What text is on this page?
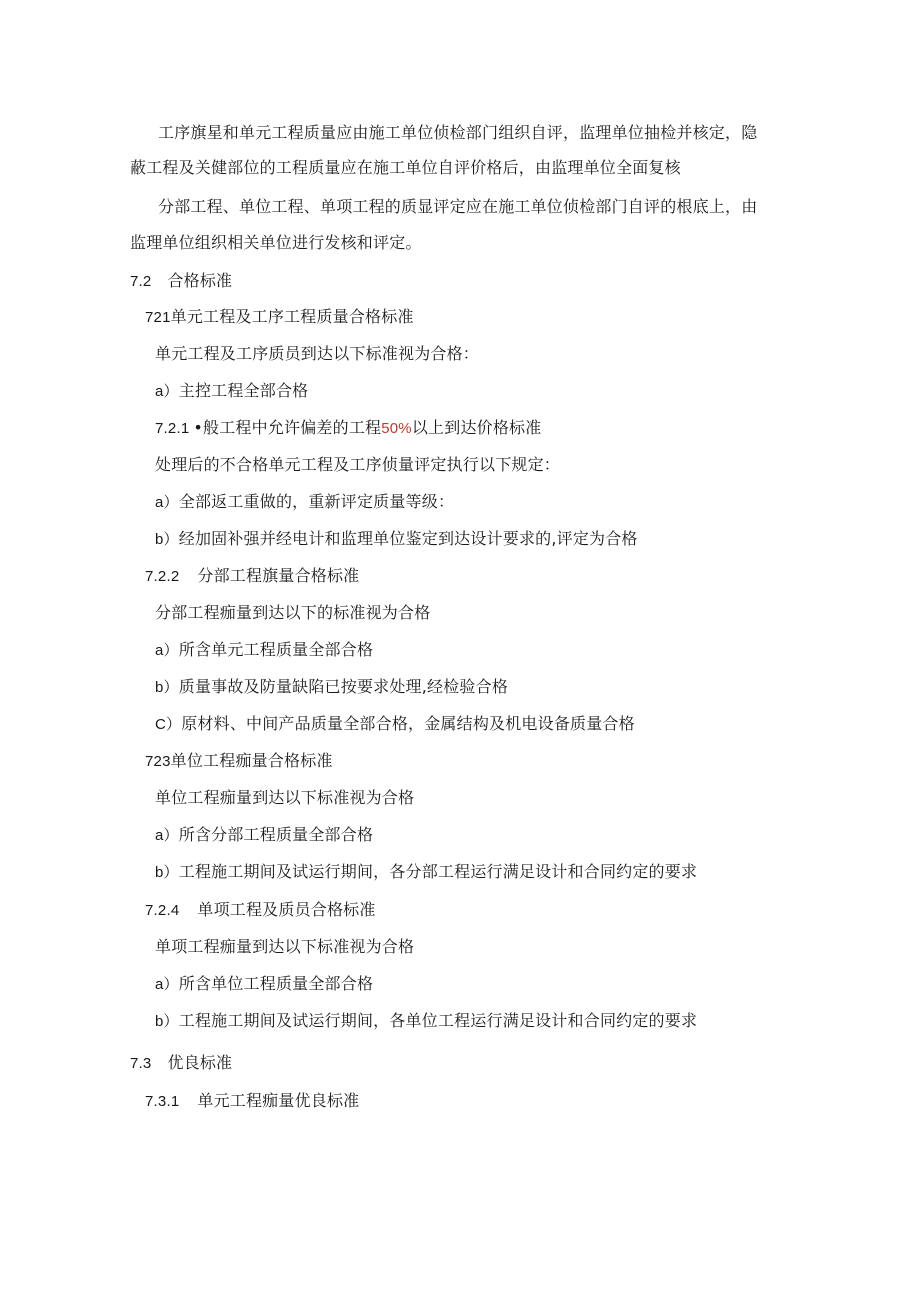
工序旗星和单元工程质量应由施工单位侦检部门组织自评，监理单位抽检并核定，隐
蔽工程及关健部位的工程质量应在施工单位自评价格后，由监理单位全面复核
分部工程、单位工程、单项工程的质显评定应在施工单位侦检部门自评的根底上，由
监理单位组织相关单位进行发核和评定。
7.2 合格标准
721单元工程及工序工程质量合格标准
单元工程及工序质员到达以下标准视为合格：
a）主控工程全部合格
7.2.1 •般工程中允许偏差的工程50%以上到达价格标准
处理后的不合格单元工程及工序侦量评定执行以下规定：
a）全部返工重做的，重新评定质量等级：
b）经加固补强并经电计和监理单位鉴定到达设计要求的,评定为合格
7.2.2 分部工程旗量合格标准
分部工程痂量到达以下的标准视为合格
a）所含单元工程质量全部合格
b）质量事故及防量缺陷已按要求处理,经检验合格
C）原材料、中间产品质量全部合格，金属结构及机电设备质量合格
723单位工程痂量合格标准
单位工程痂量到达以下标准视为合格
a）所含分部工程质量全部合格
b）工程施工期间及试运行期间，各分部工程运行满足设计和合同约定的要求
7.2.4 单项工程及质员合格标准
单项工程痂量到达以下标准视为合格
a）所含单位工程质量全部合格
b）工程施工期间及试运行期间，各单位工程运行满足设计和合同约定的要求
7.3 优良标准
7.3.1 单元工程痂量优良标准
